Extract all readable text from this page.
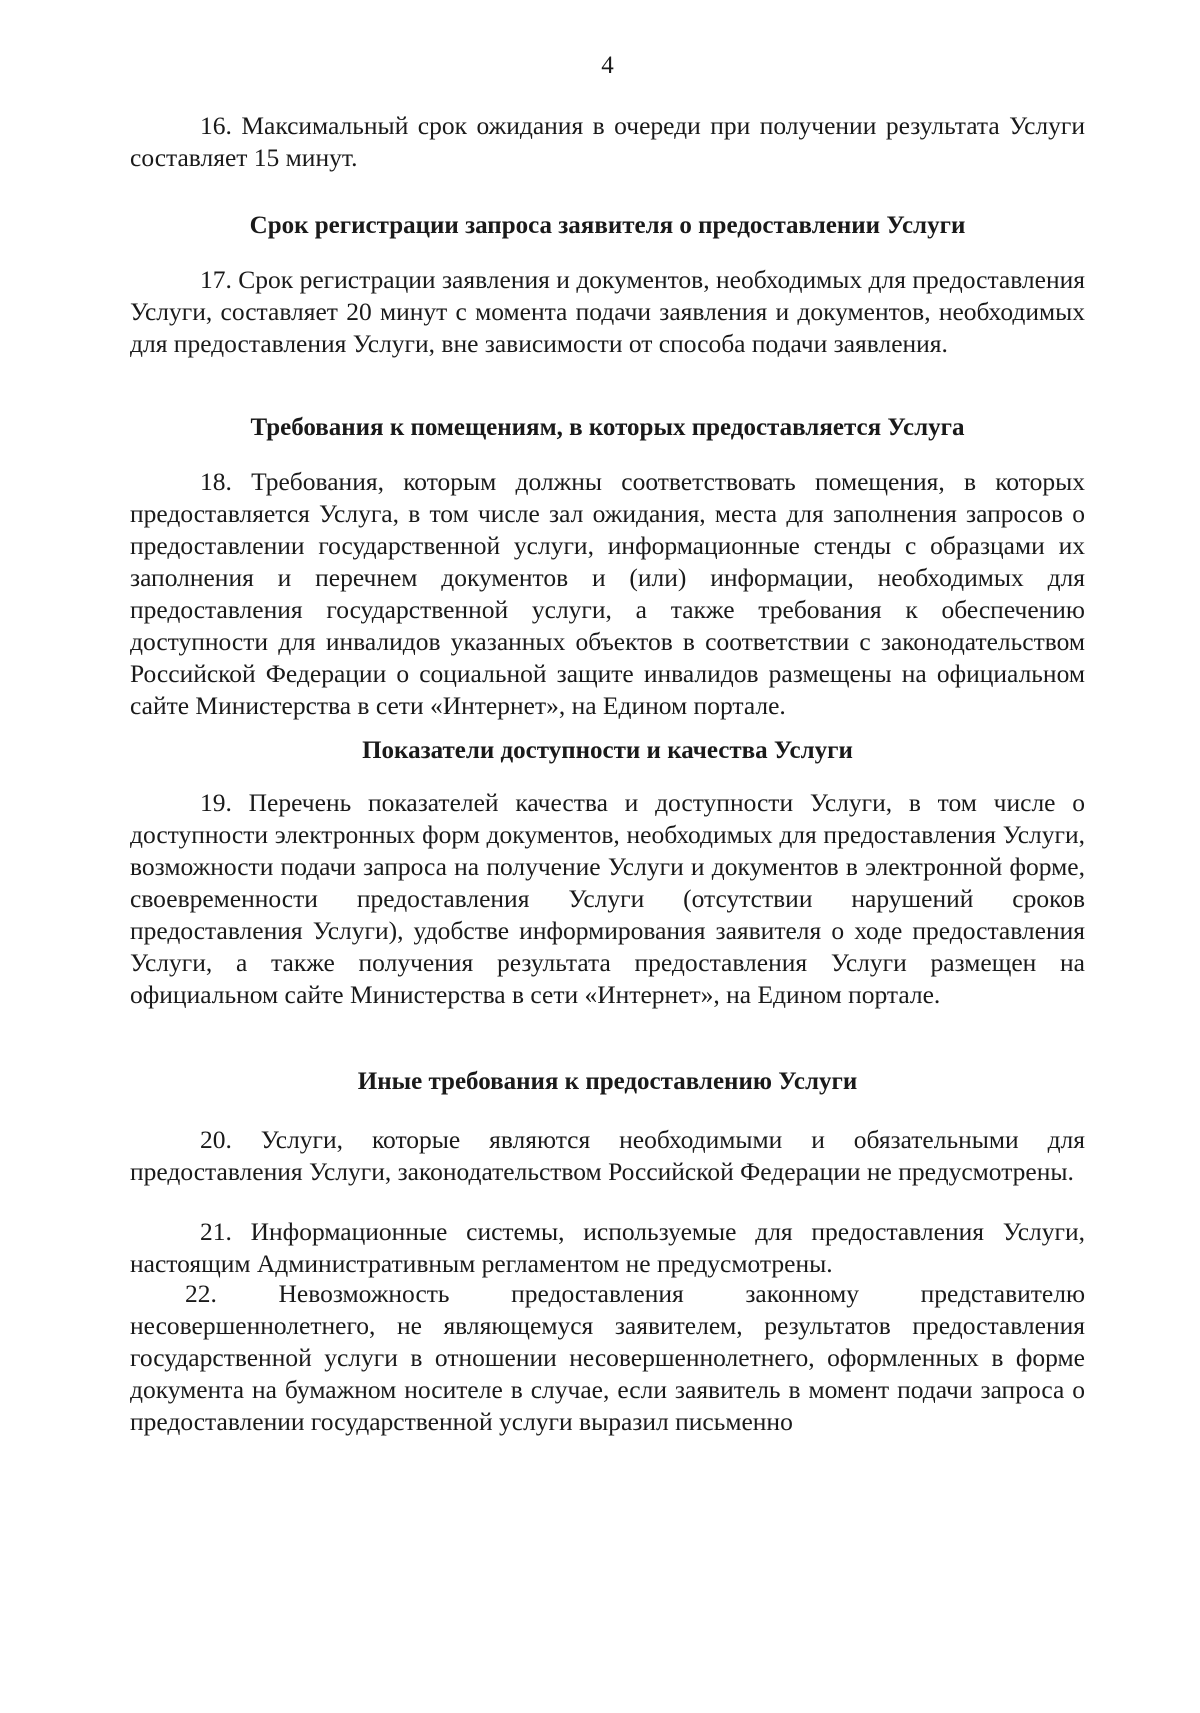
4

16. Максимальный срок ожидания в очереди при получении результата Услуги составляет 15 минут.

Срок регистрации запроса заявителя о предоставлении Услуги

17. Срок регистрации заявления и документов, необходимых для предоставления Услуги, составляет 20 минут с момента подачи заявления и документов, необходимых для предоставления Услуги, вне зависимости от способа подачи заявления.

Требования к помещениям, в которых предоставляется Услуга

18. Требования, которым должны соответствовать помещения, в которых предоставляется Услуга, в том числе зал ожидания, места для заполнения запросов о предоставлении государственной услуги, информационные стенды с образцами их заполнения и перечнем документов и (или) информации, необходимых для предоставления государственной услуги, а также требования к обеспечению доступности для инвалидов указанных объектов в соответствии с законодательством Российской Федерации о социальной защите инвалидов размещены на официальном сайте Министерства в сети «Интернет», на Едином портале.

Показатели доступности и качества Услуги

19. Перечень показателей качества и доступности Услуги, в том числе о доступности электронных форм документов, необходимых для предоставления Услуги, возможности подачи запроса на получение Услуги и документов в электронной форме, своевременности предоставления Услуги (отсутствии нарушений сроков предоставления Услуги), удобстве информирования заявителя о ходе предоставления Услуги, а также получения результата предоставления Услуги размещен на официальном сайте Министерства в сети «Интернет», на Едином портале.

Иные требования к предоставлению Услуги

20. Услуги, которые являются необходимыми и обязательными для предоставления Услуги, законодательством Российской Федерации не предусмотрены.

21. Информационные системы, используемые для предоставления Услуги, настоящим Административным регламентом не предусмотрены.

22. Невозможность предоставления законному представителю несовершеннолетнего, не являющемуся заявителем, результатов предоставления государственной услуги в отношении несовершеннолетнего, оформленных в форме документа на бумажном носителе в случае, если заявитель в момент подачи запроса о предоставлении государственной услуги выразил письменно
